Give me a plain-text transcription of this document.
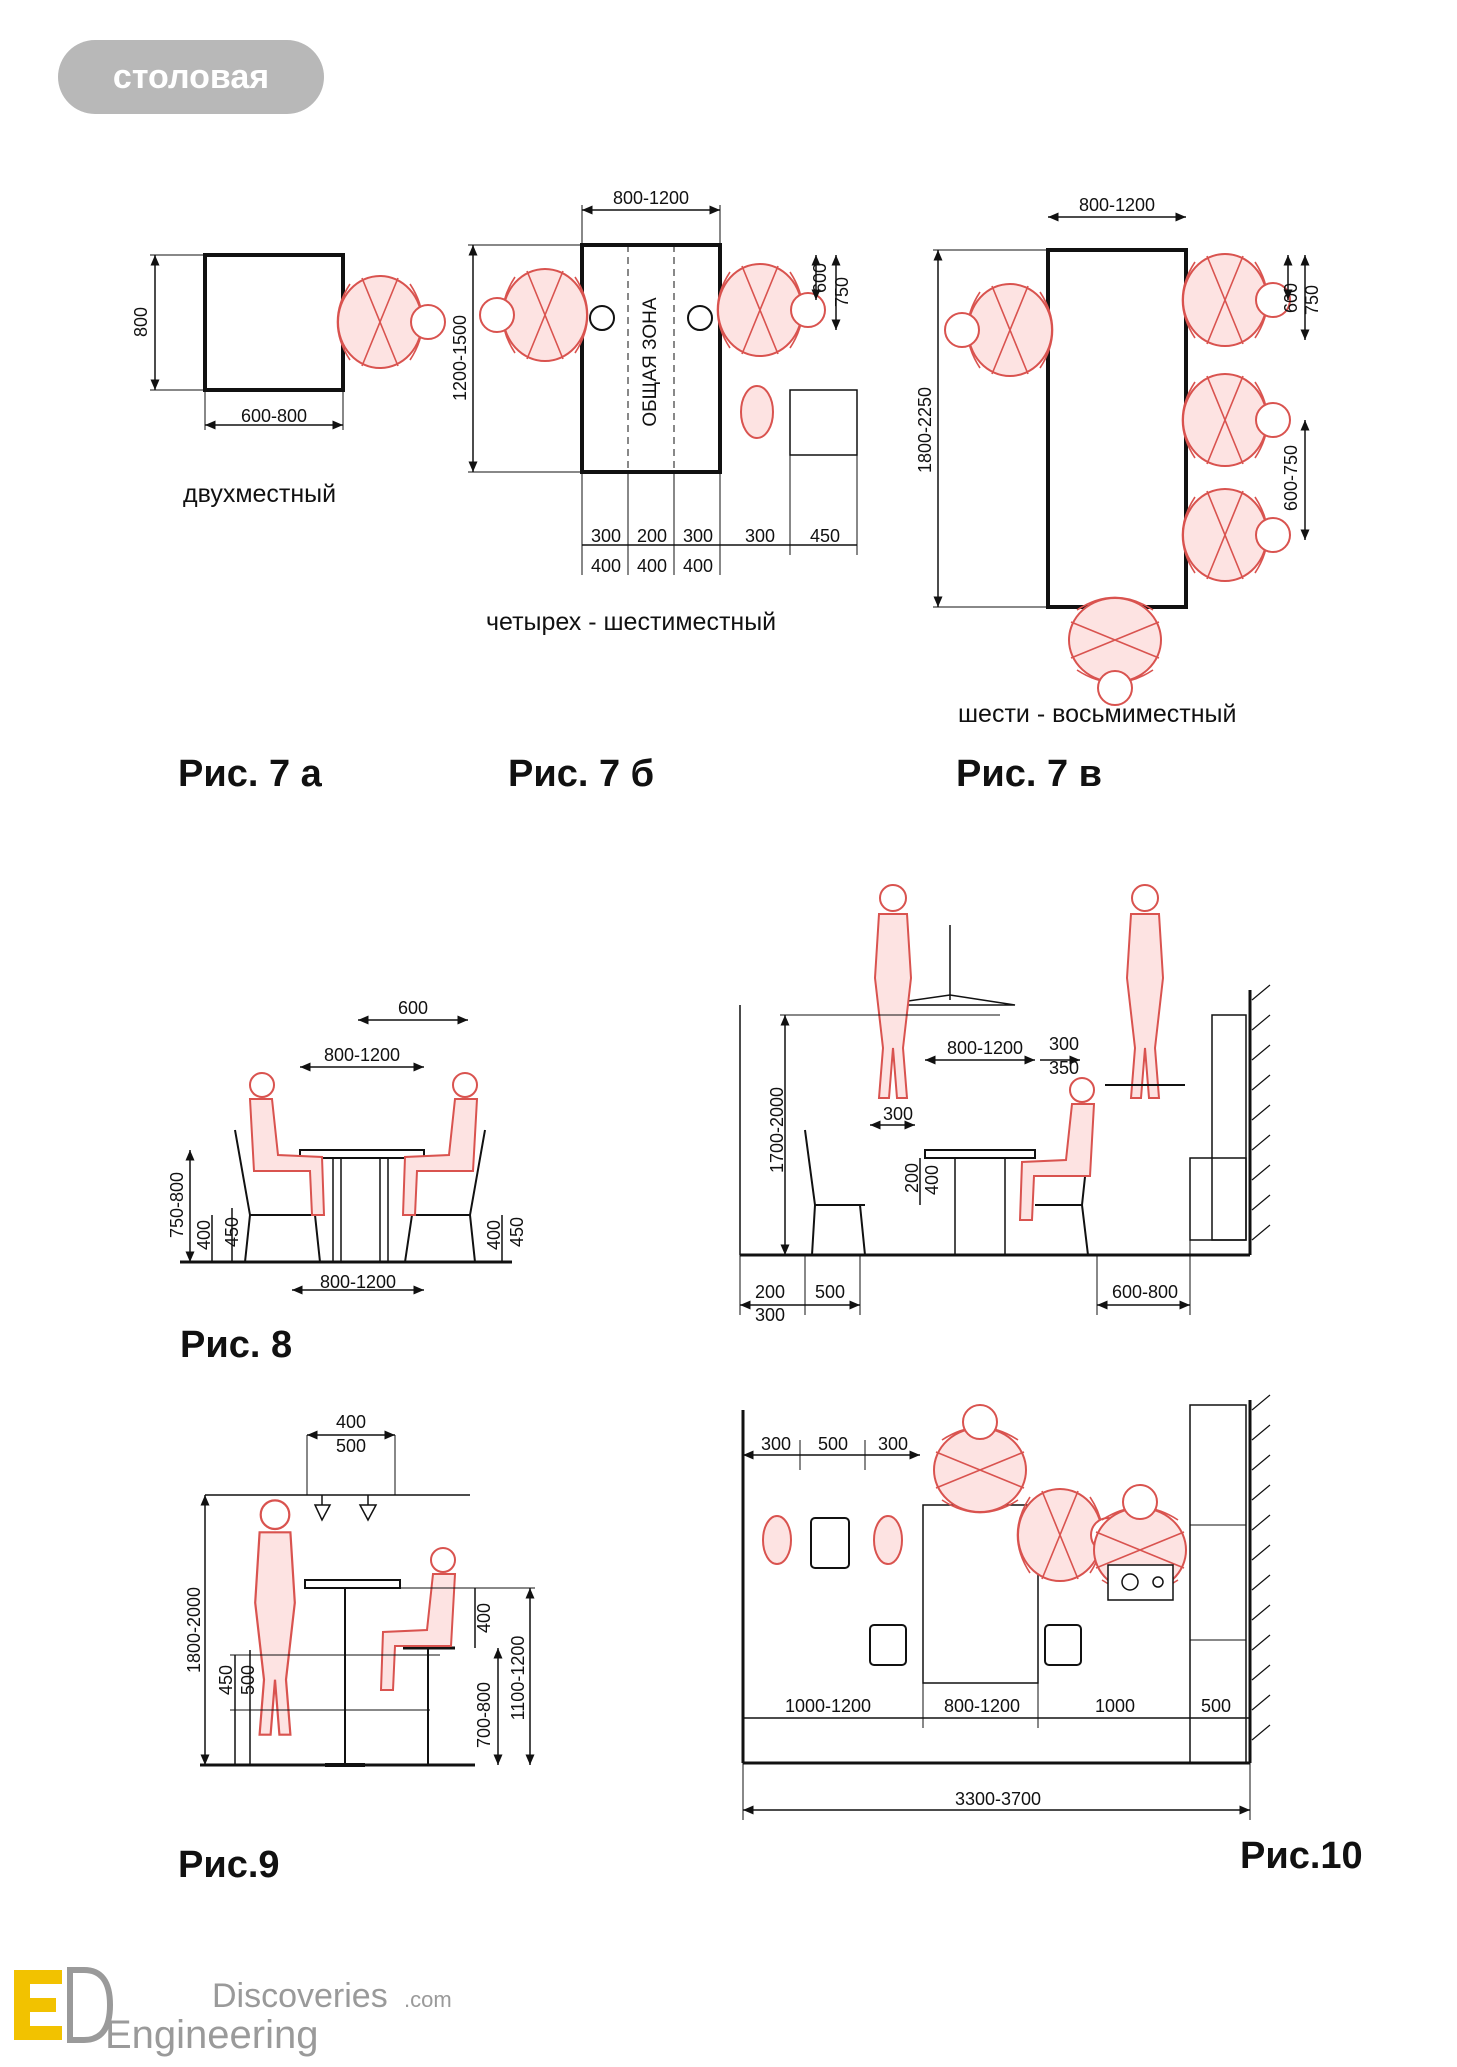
столовая
800
600-800
двухместный
Рис. 7 а
ОБЩАЯ ЗОНА
800-1200
1200-1500
600 750
300 200 300 300 450
400 400 400
четырех - шестиместный
Рис. 7 б
800-1200
1800-2250
600 750
600-750
шести - восьмиместный
Рис. 7 в
600
800-1200
800-1200
750-800 400 450	400 450
Рис. 8
1700-2000
800-1200 300
350
300
200 400
200
300
500	600-800
400
500
1800-2000
450 500
400
700-800 1100-1200
Рис.9
300 500 300
1000-1200	800-1200	1000	500
3300-3700
Рис.10
Discoveries .com
Engineering
